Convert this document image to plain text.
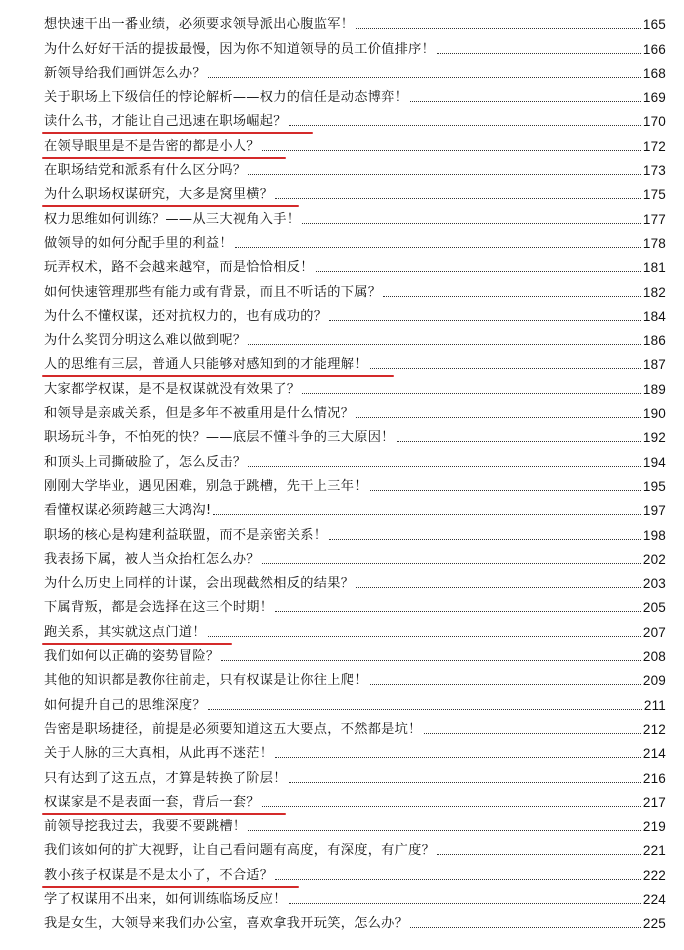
想快速干出一番业绩，必须要求领导派出心腹监军！	165
为什么好好干活的提拔最慢，因为你不知道领导的员工价值排序！	166
新领导给我们画饼怎么办？	168
关于职场上下级信任的悖论解析——权力的信任是动态博弈！	169
读什么书，才能让自己迅速在职场崛起？	170
在领导眼里是不是告密的都是小人？	172
在职场结党和派系有什么区分吗？	173
为什么职场权谋研究，大多是窝里横？	175
权力思维如何训练？——从三大视角入手！	177
做领导的如何分配手里的利益！	178
玩弄权术，路不会越来越窄，而是恰恰相反！	181
如何快速管理那些有能力或有背景，而且不听话的下属？	182
为什么不懂权谋，还对抗权力的，也有成功的？	184
为什么奖罚分明这么难以做到呢？	186
人的思维有三层，普通人只能够对感知到的才能理解！	187
大家都学权谋，是不是权谋就没有效果了？	189
和领导是亲戚关系，但是多年不被重用是什么情况？	190
职场玩斗争，不怕死的快？——底层不懂斗争的三大原因！	192
和顶头上司撕破脸了，怎么反击？	194
刚刚大学毕业，遇见困难，别急于跳槽，先干上三年！	195
看懂权谋必须跨越三大鸿沟!	197
职场的核心是构建利益联盟，而不是亲密关系！	198
我表扬下属，被人当众抬杠怎么办？	202
为什么历史上同样的计谋，会出现截然相反的结果？	203
下属背叛，都是会选择在这三个时期！	205
跑关系，其实就这点门道！	207
我们如何以正确的姿势冒险？	208
其他的知识都是教你往前走，只有权谋是让你往上爬！	209
如何提升自己的思维深度？	211
告密是职场捷径，前提是必须要知道这五大要点，不然都是坑！	212
关于人脉的三大真相，从此再不迷茫！	214
只有达到了这五点，才算是转换了阶层！	216
权谋家是不是表面一套，背后一套？	217
前领导挖我过去，我要不要跳槽！	219
我们该如何的扩大视野，让自己看问题有高度，有深度，有广度？	221
教小孩子权谋是不是太小了，不合适？	222
学了权谋用不出来，如何训练临场反应！	224
我是女生，大领导来我们办公室，喜欢拿我开玩笑，怎么办？	225
